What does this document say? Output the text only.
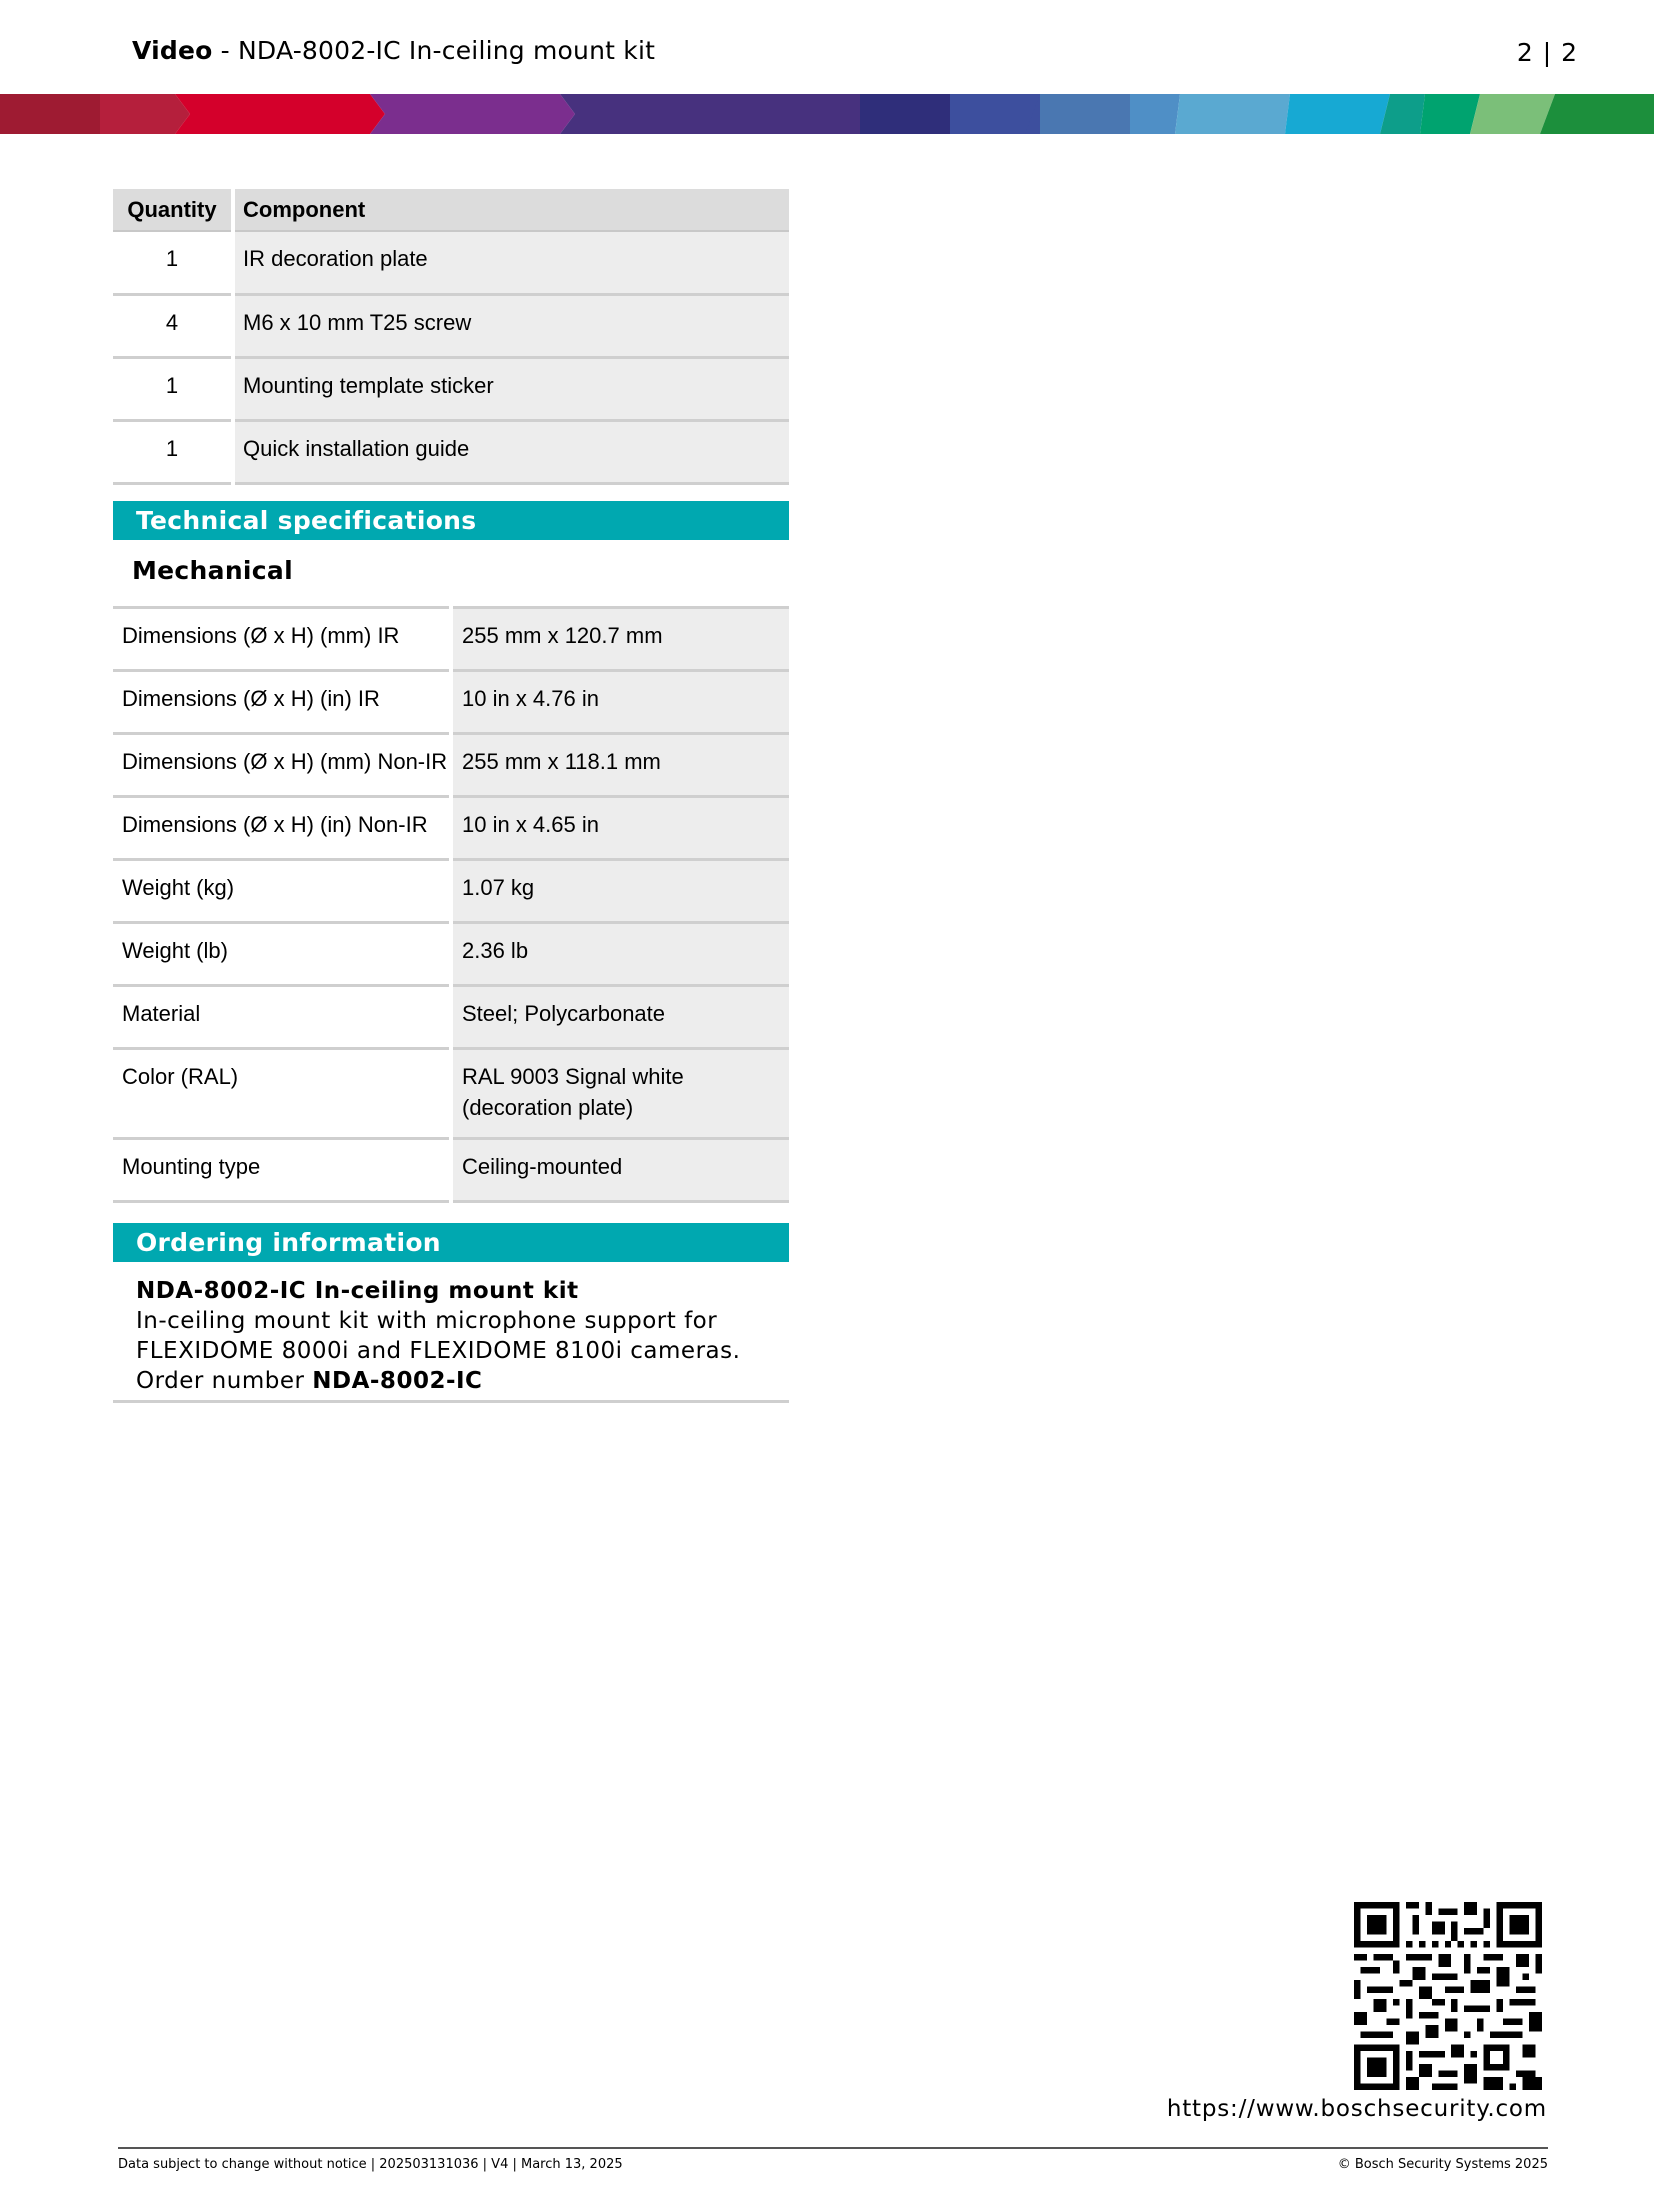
Video - NDA-8002-IC In-ceiling mount kit	2 | 2
Quantity	Component
1	IR decoration plate
4	M6 x 10 mm T25 screw
1	Mounting template sticker
1	Quick installation guide
Technical specifications
Mechanical
Dimensions (Ø x H) (mm) IR	255 mm x 120.7 mm
Dimensions (Ø x H) (in) IR	10 in x 4.76 in
Dimensions (Ø x H) (mm) Non-IR	255 mm x 118.1 mm
Dimensions (Ø x H) (in) Non-IR	10 in x 4.65 in
Weight (kg)	1.07 kg
Weight (lb)	2.36 lb
Material	Steel; Polycarbonate
Color (RAL)	RAL 9003 Signal white (decoration plate)
Mounting type	Ceiling-mounted
Ordering information
NDA-8002-IC In-ceiling mount kit
In-ceiling mount kit with microphone support for
FLEXIDOME 8000i and FLEXIDOME 8100i cameras.
Order number NDA-8002-IC
https://www.boschsecurity.com
Data subject to change without notice | 202503131036 | V4 | March 13, 2025	© Bosch Security Systems 2025
